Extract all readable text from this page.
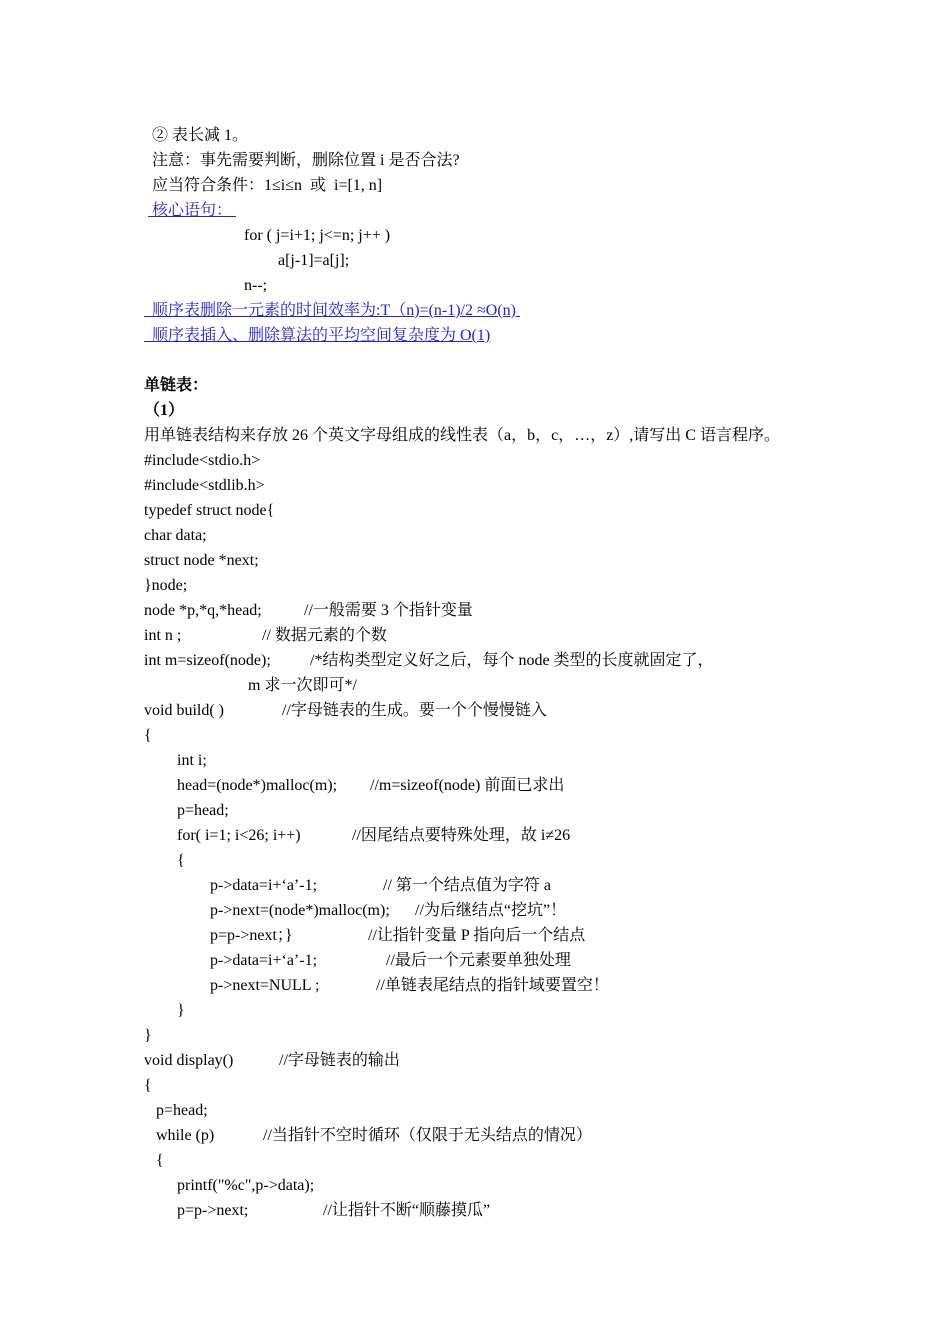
② 表长减 1。
注意：事先需要判断，删除位置 i 是否合法?
应当符合条件：1≤i≤n  或  i=[1, n]
核心语句：
for ( j=i+1; j<=n; j++ )
a[j-1]=a[j];
n--;
顺序表删除一元素的时间效率为:T（n)=(n-1)/2 ≈O(n)
顺序表插入、删除算法的平均空间复杂度为 O(1)
单链表：
（1）
用单链表结构来存放 26 个英文字母组成的线性表（a，b，c，…，z）,请写出 C 语言程序。
#include<stdio.h>
#include<stdlib.h>
typedef struct node{
char data;
struct node *next;
}node;
node *p,*q,*head;	//一般需要 3 个指针变量
int n ;	// 数据元素的个数
int m=sizeof(node); /*结构类型定义好之后，每个 node 类型的长度就固定了，
m 求一次即可*/
void build( )	//字母链表的生成。要一个个慢慢链入
{
int i;
head=(node*)malloc(m); //m=sizeof(node) 前面已求出
p=head;
for( i=1; i<26; i++)	//因尾结点要特殊处理，故 i≠26
{
p->data=i+‘a’-1;	// 第一个结点值为字符 a
p->next=(node*)malloc(m); //为后继结点“挖坑”！
p=p->next；}	//让指针变量 P 指向后一个结点
p->data=i+‘a’-1;	//最后一个元素要单独处理
p->next=NULL ;	//单链表尾结点的指针域要置空！
}
}
void display()	//字母链表的输出
{
p=head;
while (p)	//当指针不空时循环（仅限于无头结点的情况）
{
printf("%c",p->data);
p=p->next;	//让指针不断“顺藤摸瓜”
